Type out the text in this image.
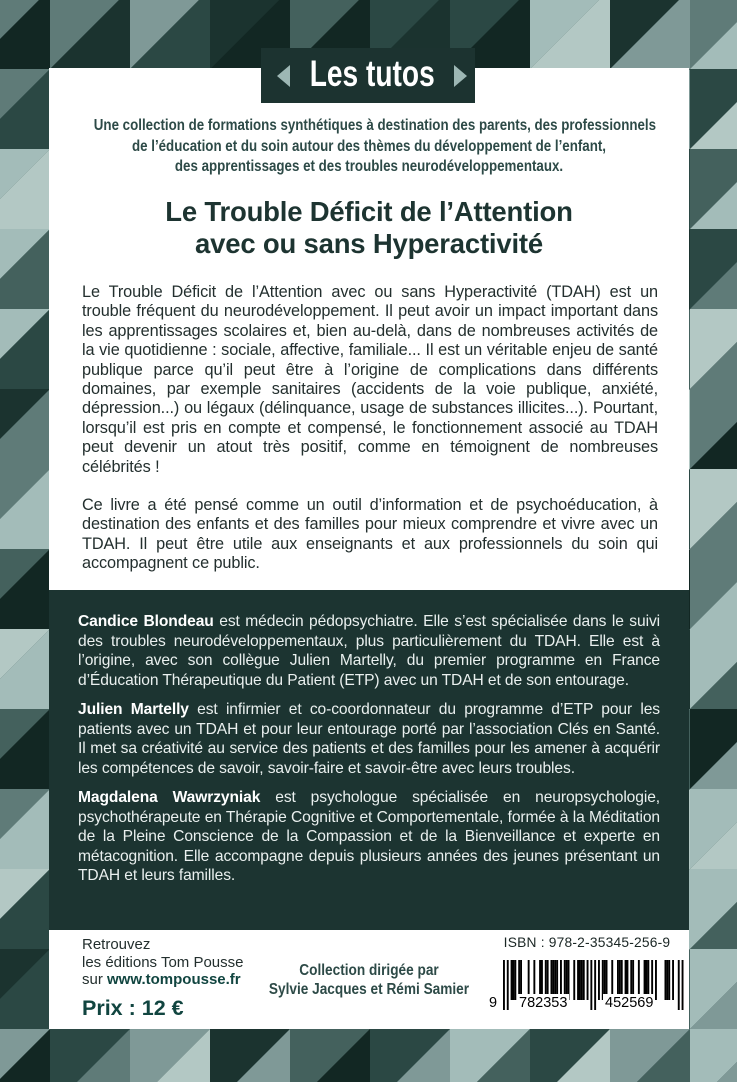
Les tutos
Une collection de formations synthétiques à destination des parents, des professionnels
de l’éducation et du soin autour des thèmes du développement de l’enfant,
des apprentissages et des troubles neurodéveloppementaux.
Le Trouble Déficit de l’Attention
avec ou sans Hyperactivité

Le Trouble Déficit de l’Attention avec ou sans Hyperactivité (TDAH) est un trouble fréquent du neurodéveloppement. Il peut avoir un impact important dans les apprentissages scolaires et, bien au-delà, dans de nombreuses activités de la vie quotidienne : sociale, affective, familiale... Il est un véritable enjeu de santé publique parce qu’il peut être à l’origine de complications dans différents domaines, par exemple sanitaires (accidents de la voie publique, anxiété, dépression...) ou légaux (délinquance, usage de substances illicites...). Pourtant, lorsqu’il est pris en compte et compensé, le fonctionnement associé au TDAH peut devenir un atout très positif, comme en témoignent de nombreuses célébrités !

Ce livre a été pensé comme un outil d’information et de psychoéducation, à destination des enfants et des familles pour mieux comprendre et vivre avec un TDAH. Il peut être utile aux enseignants et aux professionnels du soin qui accompagnent ce public.

Candice Blondeau est médecin pédopsychiatre. Elle s’est spécialisée dans le suivi des troubles neurodéveloppementaux, plus particulièrement du TDAH. Elle est à l’origine, avec son collègue Julien Martelly, du premier programme en France d’Éducation Thérapeutique du Patient (ETP) avec un TDAH et de son entourage.

Julien Martelly est infirmier et co-coordonnateur du programme d’ETP pour les patients avec un TDAH et pour leur entourage porté par l’association Clés en Santé. Il met sa créativité au service des patients et des familles pour les amener à acquérir les compétences de savoir, savoir-faire et savoir-être avec leurs troubles.

Magdalena Wawrzyniak est psychologue spécialisée en neuropsychologie, psychothérapeute en Thérapie Cognitive et Comportementale, formée à la Méditation de la Pleine Conscience de la Compassion et de la Bienveillance et experte en métacognition. Elle accompagne depuis plusieurs années des jeunes présentant un TDAH et leurs familles.

Retrouvez
les éditions Tom Pousse
sur www.tompousse.fr
Prix : 12 €
Collection dirigée par
Sylvie Jacques et Rémi Samier
ISBN : 978-2-35345-256-9
9 782353	452569
